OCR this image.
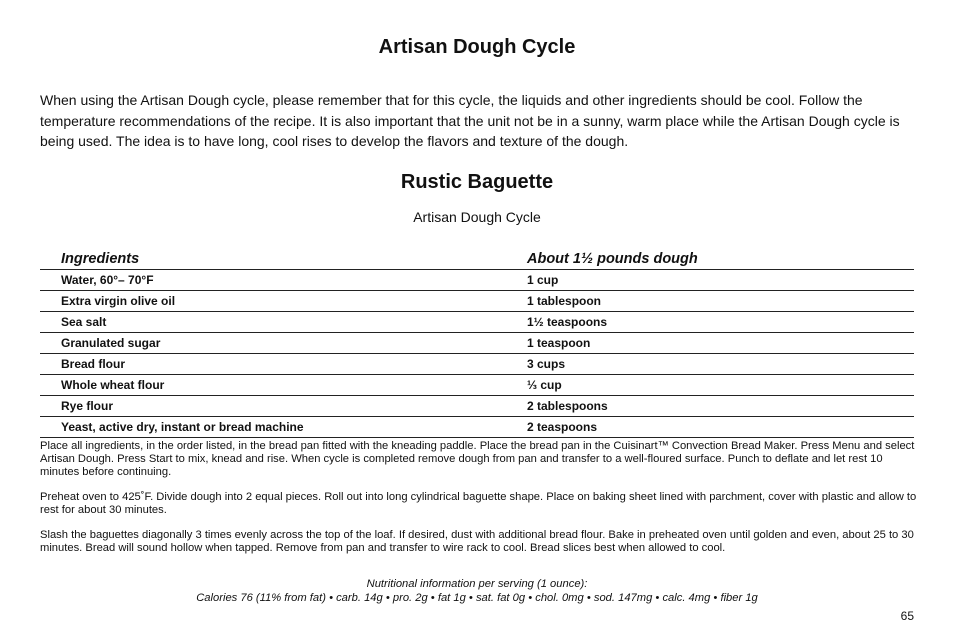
Artisan Dough Cycle

When using the Artisan Dough cycle, please remember that for this cycle, the liquids and other ingredients should be cool. Follow the temperature recommendations of the recipe. It is also important that the unit not be in a sunny, warm place while the Artisan Dough cycle is being used. The idea is to have long, cool rises to develop the flavors and texture of the dough.

Rustic Baguette

Artisan Dough Cycle

Ingredients	About 1½ pounds dough
Water, 60°– 70°F	1 cup
Extra virgin olive oil	1 tablespoon
Sea salt	1½ teaspoons
Granulated sugar	1 teaspoon
Bread flour	3 cups
Whole wheat flour	⅓ cup
Rye flour	2 tablespoons
Yeast, active dry, instant or bread machine	2 teaspoons

Place all ingredients, in the order listed, in the bread pan fitted with the kneading paddle. Place the bread pan in the Cuisinart™ Convection Bread Maker. Press Menu and select Artisan Dough. Press Start to mix, knead and rise. When cycle is completed remove dough from pan and transfer to a well-floured surface. Punch to deflate and let rest 10 minutes before continuing.

Preheat oven to 425˚F. Divide dough into 2 equal pieces. Roll out into long cylindrical baguette shape. Place on baking sheet lined with parchment, cover with plastic and allow to rest for about 30 minutes.

Slash the baguettes diagonally 3 times evenly across the top of the loaf. If desired, dust with additional bread flour. Bake in preheated oven until golden and even, about 25 to 30 minutes. Bread will sound hollow when tapped. Remove from pan and transfer to wire rack to cool. Bread slices best when allowed to cool.

Nutritional information per serving (1 ounce):

Calories 76 (11% from fat) • carb. 14g • pro. 2g • fat 1g • sat. fat 0g • chol. 0mg • sod. 147mg • calc. 4mg • fiber 1g

65
